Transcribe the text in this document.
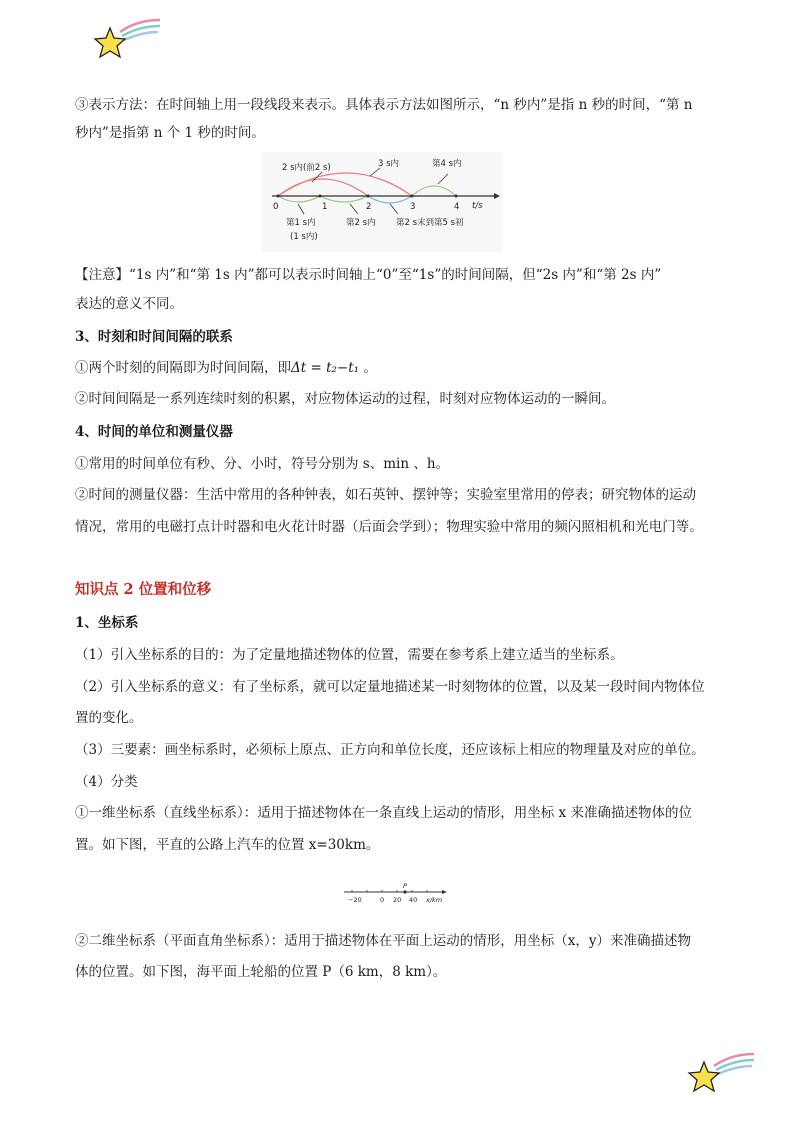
③表示方法：在时间轴上用一段线段来表示。具体表示方法如图所示，“n 秒内”是指 n 秒的时间，“第 n
秒内”是指第 n 个 1 秒的时间。
2 s内(前2 s)	3 s内	第4 s内
第1 s内
(1 s内)
第2 s内 第2 s末到第5 s初
t/s
0	1	2	3	4
【注意】“1s 内”和“第 1s 内”都可以表示时间轴上“0”至“1s”的时间间隔，但“2s 内”和“第 2s 内”
表达的意义不同。
3、时刻和时间间隔的联系
①两个时刻的间隔即为时间间隔，即Δt = t₂−t₁ 。
②时间间隔是一系列连续时刻的积累，对应物体运动的过程，时刻对应物体运动的一瞬间。
4、时间的单位和测量仪器
①常用的时间单位有秒、分、小时，符号分别为 s、min 、h。
②时间的测量仪器：生活中常用的各种钟表，如石英钟、摆钟等；实验室里常用的停表；研究物体的运动
情况，常用的电磁打点计时器和电火花计时器（后面会学到）；物理实验中常用的频闪照相机和光电门等。
知识点 2 位置和位移
1、坐标系
（1）引入坐标系的目的：为了定量地描述物体的位置，需要在参考系上建立适当的坐标系。
（2）引入坐标系的意义：有了坐标系，就可以定量地描述某一时刻物体的位置，以及某一段时间内物体位
置的变化。
（3）三要素：画坐标系时，必须标上原点、正方向和单位长度，还应该标上相应的物理量及对应的单位。
（4）分类
①一维坐标系（直线坐标系）：适用于描述物体在一条直线上运动的情形，用坐标 x 来准确描述物体的位
置。如下图，平直的公路上汽车的位置 x=30km。
P
−20	0 20 40 x/km
②二维坐标系（平面直角坐标系）：适用于描述物体在平面上运动的情形，用坐标（x，y）来准确描述物
体的位置。如下图，海平面上轮船的位置 P（6 km，8 km）。
